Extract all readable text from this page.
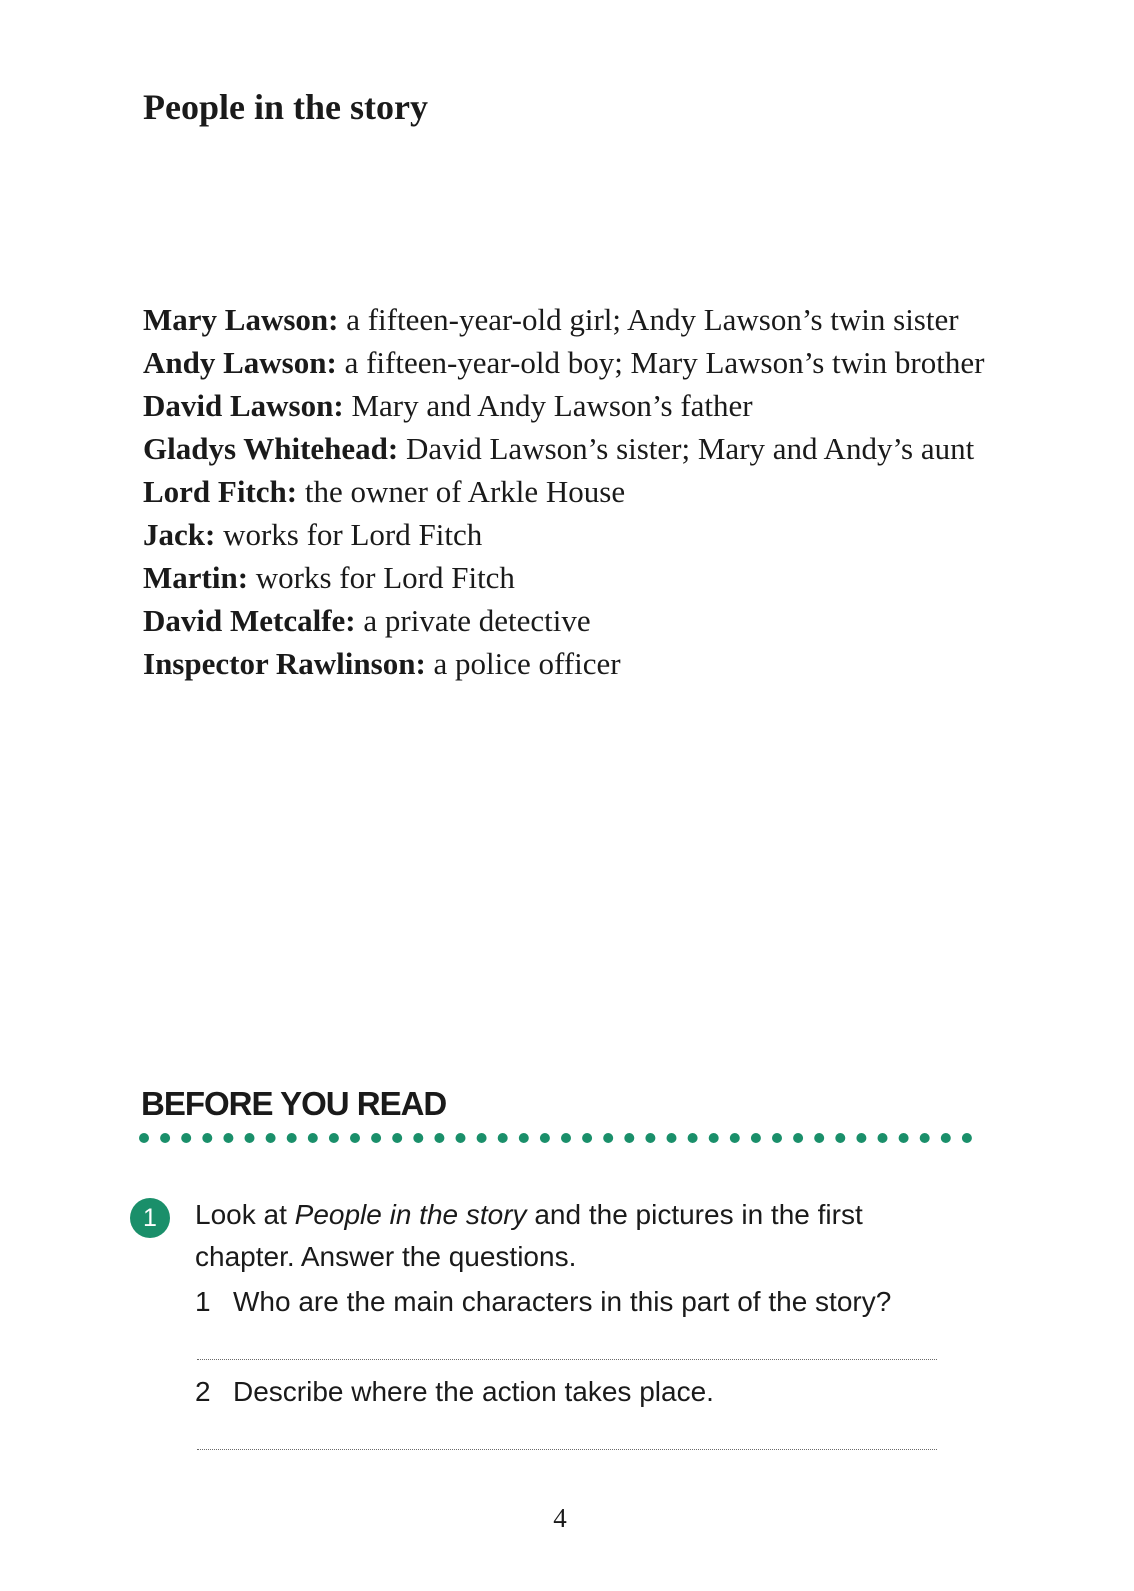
People in the story
Mary Lawson: a fifteen-year-old girl; Andy Lawson’s twin sister
Andy Lawson: a fifteen-year-old boy; Mary Lawson’s twin brother
David Lawson: Mary and Andy Lawson’s father
Gladys Whitehead: David Lawson’s sister; Mary and Andy’s aunt
Lord Fitch: the owner of Arkle House
Jack: works for Lord Fitch
Martin: works for Lord Fitch
David Metcalfe: a private detective
Inspector Rawlinson: a police officer
BEFORE YOU READ
1	Look at People in the story and the pictures in the first chapter. Answer the questions.

1 Who are the main characters in this part of the story?
2 Describe where the action takes place.
4
